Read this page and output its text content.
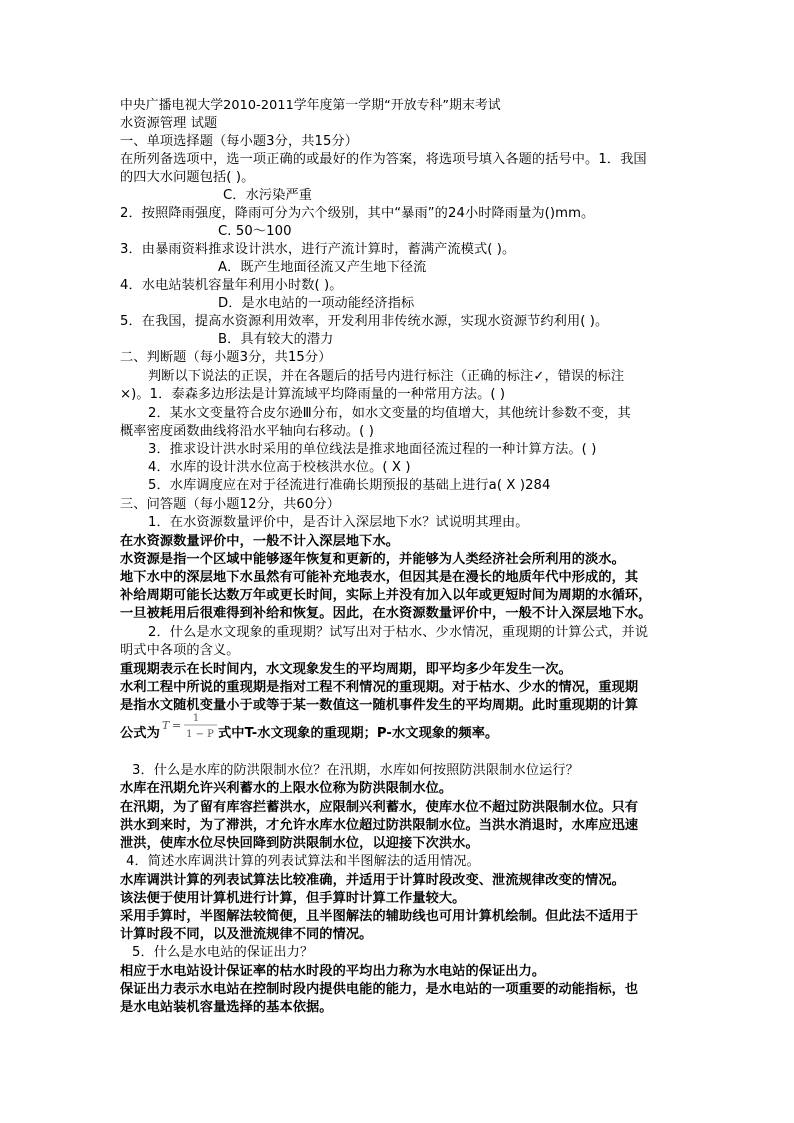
中央广播电视大学2010-2011学年度第一学期“开放专科”期末考试
水资源管理 试题
一、单项选择题（每小题3分，共15分）
在所列备选项中，选一项正确的或最好的作为答案，将选项号填入各题的括号中。1．我国
的四大水问题包括( )。
C．水污染严重
2．按照降雨强度，降雨可分为六个级别，其中“暴雨”的24小时降雨量为()mm。
C. 50～100
3．由暴雨资料推求设计洪水，进行产流计算时，蓄满产流模式( )。
A．既产生地面径流又产生地下径流
4．水电站装机容量年利用小时数( )。
D．是水电站的一项动能经济指标
5．在我国，提高水资源利用效率，开发利用非传统水源，实现水资源节约利用( )。
B．具有较大的潜力
二、判断题（每小题3分，共15分）
判断以下说法的正误，并在各题后的括号内进行标注（正确的标注✓，错误的标注
×)。1．泰森多边形法是计算流域平均降雨量的一种常用方法。( )
2．某水文变量符合皮尔逊Ⅲ分布，如水文变量的均值增大，其他统计参数不变，其
概率密度函数曲线将沿水平轴向右移动。( )
3．推求设计洪水时采用的单位线法是推求地面径流过程的一种计算方法。( )
4．水库的设计洪水位高于校核洪水位。( X )
5．水库调度应在对于径流进行准确长期预报的基础上进行a( X )284
三、问答题（每小题12分，共60分）
1．在水资源数量评价中，是否计入深层地下水？试说明其理由。
在水资源数量评价中，一般不计入深层地下水。
水资源是指一个区域中能够逐年恢复和更新的，并能够为人类经济社会所利用的淡水。
地下水中的深层地下水虽然有可能补充地表水，但因其是在漫长的地质年代中形成的，其
补给周期可能长达数万年或更长时间，实际上并没有加入以年或更短时间为周期的水循环，
一旦被耗用后很难得到补给和恢复。因此，在水资源数量评价中，一般不计入深层地下水。
2．什么是水文现象的重现期？试写出对于枯水、少水情况，重现期的计算公式，并说
明式中各项的含义。
重现期表示在长时间内，水文现象发生的平均周期，即平均多少年发生一次。
水利工程中所说的重现期是指对工程不利情况的重现期。对于枯水、少水的情况，重现期
是指水文随机变量小于或等于某一数值这一随机事件发生的平均周期。此时重现期的计算
公式为
T =
1
1 − P 式中T-水文现象的重现期；P-水文现象的频率。
3．什么是水库的防洪限制水位？在汛期，水库如何按照防洪限制水位运行？
水库在汛期允许兴利蓄水的上限水位称为防洪限制水位。
在汛期，为了留有库容拦蓄洪水，应限制兴利蓄水，使库水位不超过防洪限制水位。只有
洪水到来时，为了滞洪，才允许水库水位超过防洪限制水位。当洪水消退时，水库应迅速
泄洪，使库水位尽快回降到防洪限制水位，以迎接下次洪水。
4．简述水库调洪计算的列表试算法和半图解法的适用情况。
水库调洪计算的列表试算法比较准确，并适用于计算时段改变、泄流规律改变的情况。
该法便于使用计算机进行计算，但手算时计算工作量较大。
采用手算时，半图解法较简便，且半图解法的辅助线也可用计算机绘制。但此法不适用于
计算时段不同，以及泄流规律不同的情况。
5．什么是水电站的保证出力？
相应于水电站设计保证率的枯水时段的平均出力称为水电站的保证出力。
保证出力表示水电站在控制时段内提供电能的能力，是水电站的一项重要的动能指标，也
是水电站装机容量选择的基本依据。
